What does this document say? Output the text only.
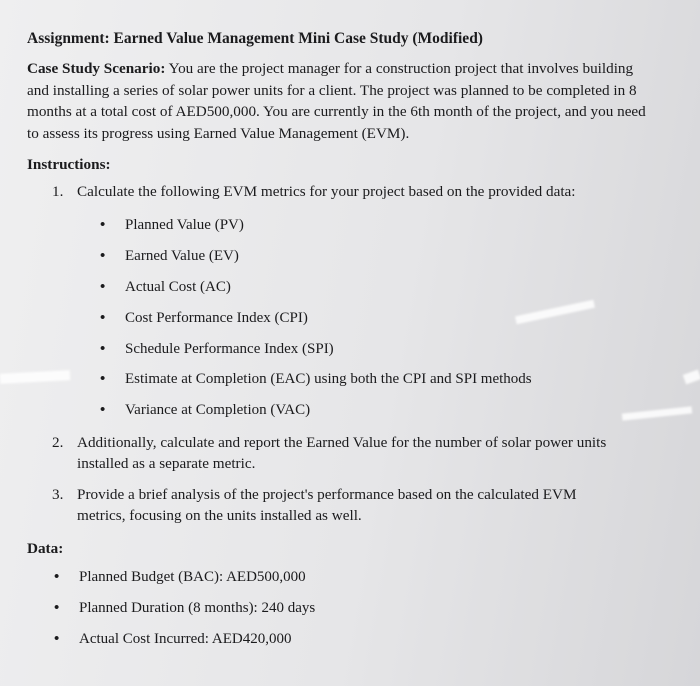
Assignment: Earned Value Management Mini Case Study (Modified)
Case Study Scenario: You are the project manager for a construction project that involves building and installing a series of solar power units for a client. The project was planned to be completed in 8 months at a total cost of AED500,000. You are currently in the 6th month of the project, and you need to assess its progress using Earned Value Management (EVM).
Instructions:
1. Calculate the following EVM metrics for your project based on the provided data:
• Planned Value (PV)
• Earned Value (EV)
• Actual Cost (AC)
• Cost Performance Index (CPI)
• Schedule Performance Index (SPI)
• Estimate at Completion (EAC) using both the CPI and SPI methods
• Variance at Completion (VAC)
2. Additionally, calculate and report the Earned Value for the number of solar power units
installed as a separate metric.
3. Provide a brief analysis of the project's performance based on the calculated EVM
metrics, focusing on the units installed as well.
Data:
• Planned Budget (BAC): AED500,000
• Planned Duration (8 months): 240 days
• Actual Cost Incurred: AED420,000
